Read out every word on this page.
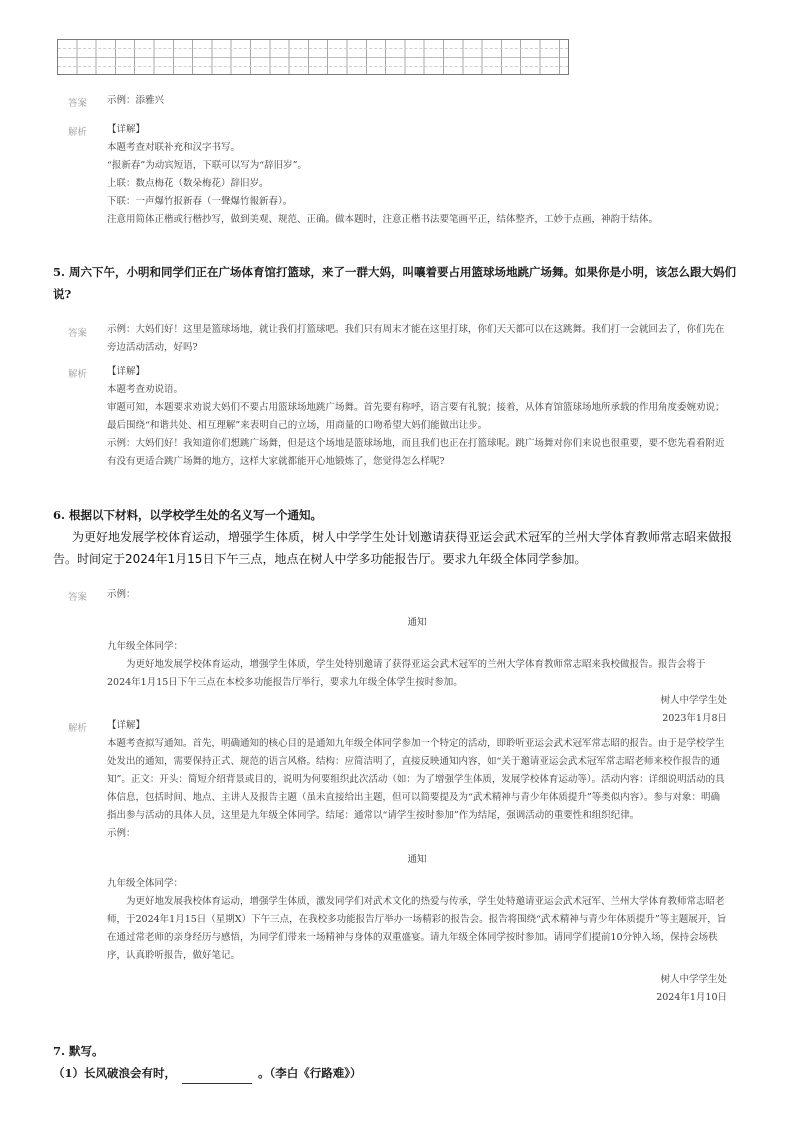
答案 示例：添雅兴

解析 【详解】

本题考查对联补充和汉字书写。

“报新春”为动宾短语，下联可以写为“辞旧岁”。

上联：数点梅花（数朵梅花）辞旧岁。

下联：一声爆竹报新春（一聲爆竹報新春）。

注意用简体正楷或行楷抄写，做到美观、规范、正确。做本题时，注意正楷书法要笔画平正，结体整齐，工妙于点画，神韵于结体。

5. 周六下午，小明和同学们正在广场体育馆打篮球，来了一群大妈，叫嚷着要占用篮球场地跳广场舞。如果你是小明，该怎么跟大妈们说?
答案 示例：大妈们好！这里是篮球场地，就让我们打篮球吧。我们只有周末才能在这里打球，你们天天都可以在这跳舞。我们打一会就回去了，你们先在旁边活动活动，好吗?

解析 【详解】

本题考查劝说语。

审题可知，本题要求劝说大妈们不要占用篮球场地跳广场舞。首先要有称呼，语言要有礼貌；接着，从体育馆篮球场地所承载的作用角度委婉劝说；最后围绕“和谐共处、相互理解”来表明自己的立场，用商量的口吻希望大妈们能做出让步。

示例：大妈们好！我知道你们想跳广场舞，但是这个场地是篮球场地，而且我们也正在打篮球呢。跳广场舞对你们来说也很重要，要不您先看看附近有没有更适合跳广场舞的地方，这样大家就都能开心地锻炼了，您觉得怎么样呢?

6. 根据以下材料，以学校学生处的名义写一个通知。
为更好地发展学校体育运动，增强学生体质，树人中学学生处计划邀请获得亚运会武术冠军的兰州大学体育教师常志昭来做报告。时间定于2024年1月15日下午三点，地点在树人中学多功能报告厅。要求九年级全体同学参加。
答案 示例：

通知

九年级全体同学：

为更好地发展学校体育运动，增强学生体质，学生处特别邀请了获得亚运会武术冠军的兰州大学体育教师常志昭来我校做报告。报告会将于2024年1月15日下午三点在本校多功能报告厅举行，要求九年级全体学生按时参加。

树人中学学生处

2023年1月8日

解析 【详解】

本题考查拟写通知。首先，明确通知的核心目的是通知九年级全体同学参加一个特定的活动，即聆听亚运会武术冠军常志昭的报告。由于是学校学生处发出的通知，需要保持正式、规范的语言风格。结构：应简洁明了，直接反映通知内容，如“关于邀请亚运会武术冠军常志昭老师来校作报告的通知”。正文：开头：简短介绍背景或目的，说明为何要组织此次活动（如：为了增强学生体质，发展学校体育运动等）。活动内容：详细说明活动的具体信息，包括时间、地点、主讲人及报告主题（虽未直接给出主题，但可以简要提及为“武术精神与青少年体质提升”等类似内容）。参与对象：明确指出参与活动的具体人员，这里是九年级全体同学。结尾：通常以“请学生按时参加”作为结尾，强调活动的重要性和组织纪律。

示例：

通知

九年级全体同学：

为更好地发展我校体育运动，增强学生体质，激发同学们对武术文化的热爱与传承，学生处特邀请亚运会武术冠军、兰州大学体育教师常志昭老师，于2024年1月15日（星期X）下午三点，在我校多功能报告厅举办一场精彩的报告会。报告将围绕“武术精神与青少年体质提升”等主题展开，旨在通过常老师的亲身经历与感悟，为同学们带来一场精神与身体的双重盛宴。请九年级全体同学按时参加。请同学们提前10分钟入场，保持会场秩序，认真聆听报告，做好笔记。

树人中学学生处

2024年1月10日

7. 默写。
（1）长风破浪会有时，	。（李白《行路难》）
